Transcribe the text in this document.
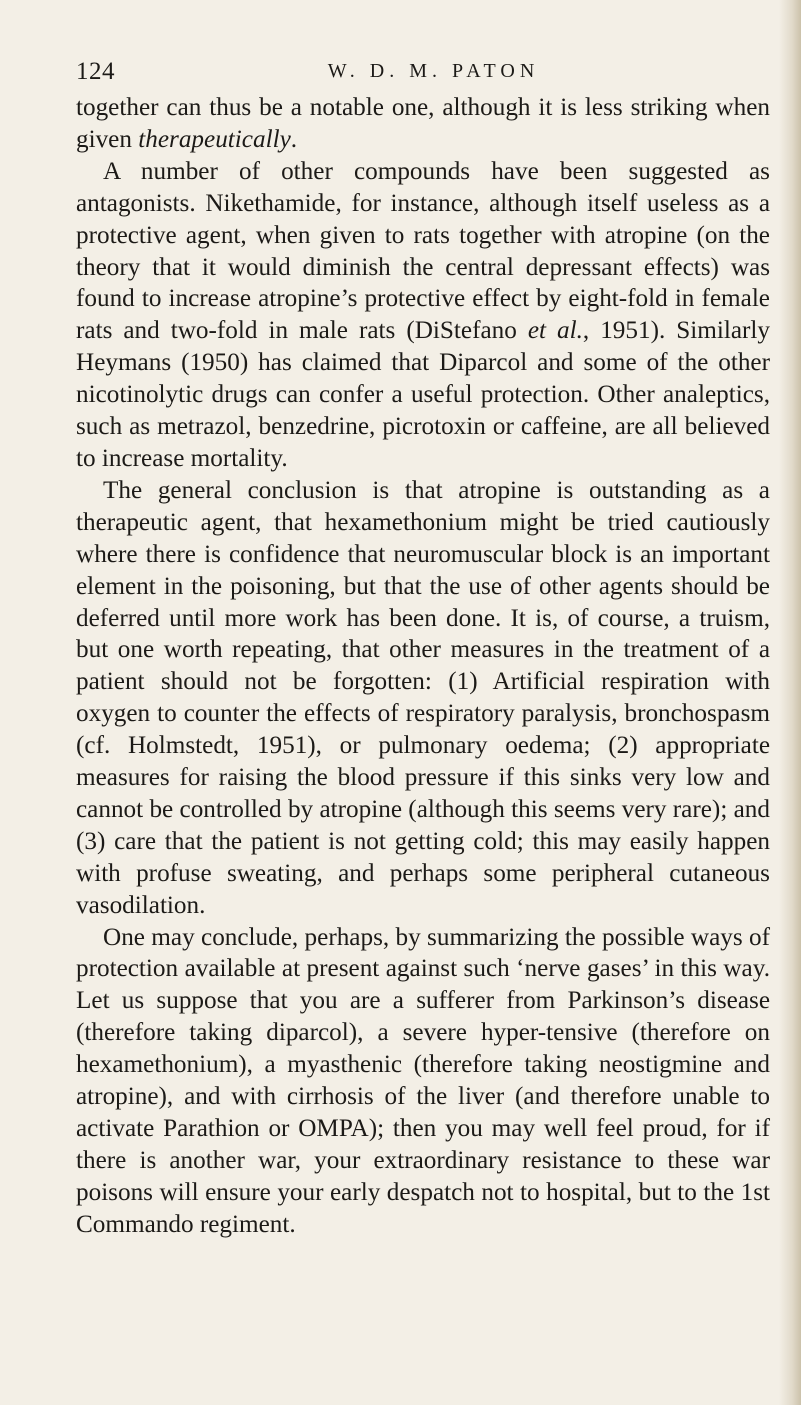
124	W. D. M. PATON

together can thus be a notable one, although it is less striking when given therapeutically.

A number of other compounds have been suggested as antagonists. Nikethamide, for instance, although itself useless as a protective agent, when given to rats together with atropine (on the theory that it would diminish the central depressant effects) was found to increase atropine’s protective effect by eight-fold in female rats and two-fold in male rats (DiStefano et al., 1951). Similarly Heymans (1950) has claimed that Diparcol and some of the other nicotinolytic drugs can confer a useful protection. Other analeptics, such as metrazol, benzedrine, picrotoxin or caffeine, are all believed to increase mortality.

The general conclusion is that atropine is outstanding as a therapeutic agent, that hexamethonium might be tried cautiously where there is confidence that neuromuscular block is an important element in the poisoning, but that the use of other agents should be deferred until more work has been done. It is, of course, a truism, but one worth repeating, that other measures in the treatment of a patient should not be forgotten: (1) Artificial respiration with oxygen to counter the effects of respiratory paralysis, bronchospasm (cf. Holmstedt, 1951), or pulmonary oedema; (2) appropriate measures for raising the blood pressure if this sinks very low and cannot be controlled by atropine (although this seems very rare); and (3) care that the patient is not getting cold; this may easily happen with profuse sweating, and perhaps some peripheral cutaneous vasodilation.

One may conclude, perhaps, by summarizing the possible ways of protection available at present against such ‘nerve gases’ in this way. Let us suppose that you are a sufferer from Parkinson’s disease (therefore taking diparcol), a severe hyper-tensive (therefore on hexamethonium), a myasthenic (therefore taking neostigmine and atropine), and with cirrhosis of the liver (and therefore unable to activate Parathion or OMPA); then you may well feel proud, for if there is another war, your extraordinary resistance to these war poisons will ensure your early despatch not to hospital, but to the 1st Commando regiment.
